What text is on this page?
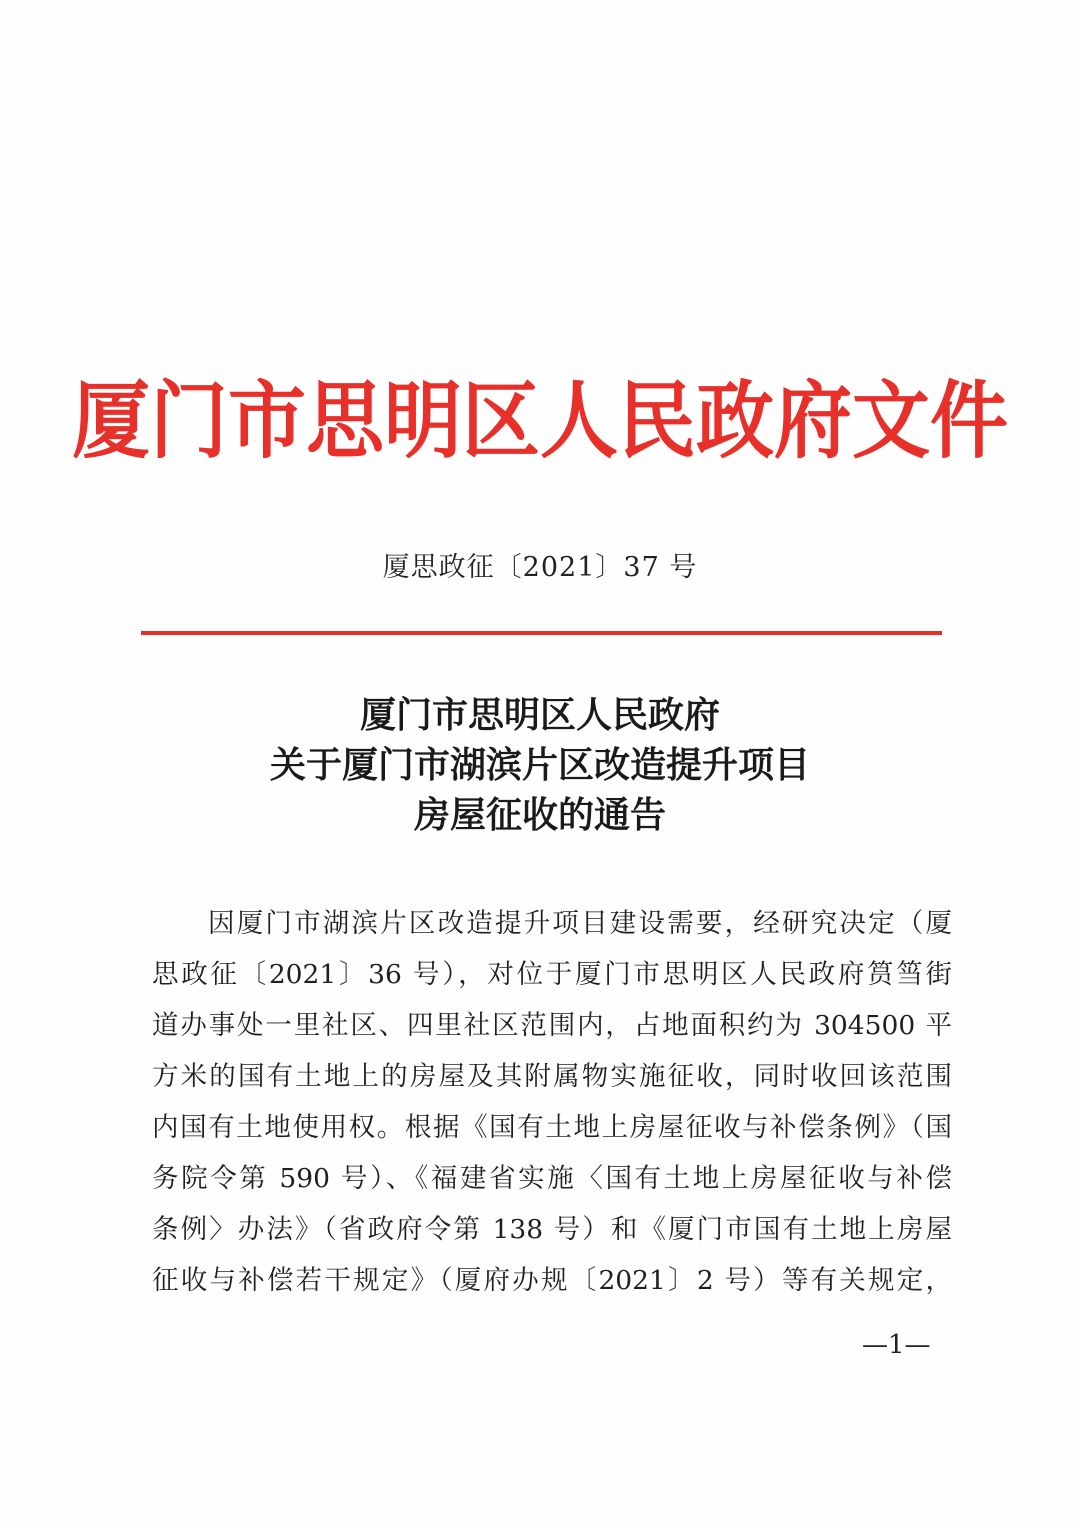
厦门市思明区人民政府文件
厦思政征〔2021〕37 号
厦门市思明区人民政府
关于厦门市湖滨片区改造提升项目
房屋征收的通告
因厦门市湖滨片区改造提升项目建设需要，经研究决定（厦
思政征〔2021〕36 号），对位于厦门市思明区人民政府筼筜街
道办事处一里社区、四里社区范围内，占地面积约为 304500 平
方米的国有土地上的房屋及其附属物实施征收，同时收回该范围
内国有土地使用权。根据《国有土地上房屋征收与补偿条例》（国
务院令第 590 号）、《福建省实施〈国有土地上房屋征收与补偿
条例〉办法》（省政府令第 138 号）和《厦门市国有土地上房屋
征收与补偿若干规定》（厦府办规〔2021〕2 号）等有关规定，
—1—
